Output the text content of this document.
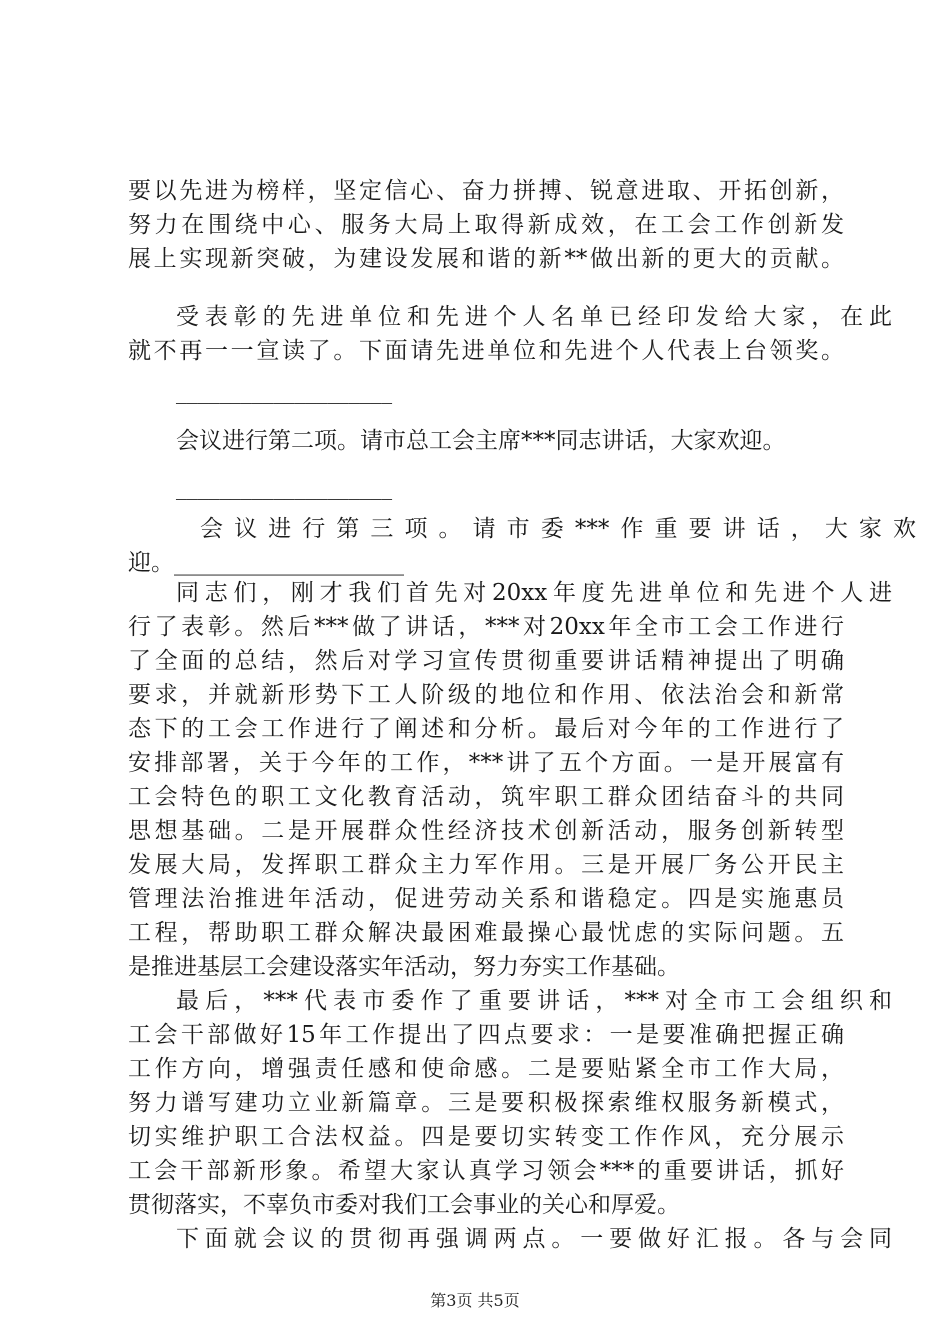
要以先进为榜样，坚定信心、奋力拼搏、锐意进取、开拓创新，
努力在围绕中心、服务大局上取得新成效，在工会工作创新发
展上实现新突破，为建设发展和谐的新**做出新的更大的贡献。
受表彰的先进单位和先进个人名单已经印发给大家，在此
就不再一一宣读了。下面请先进单位和先进个人代表上台领奖。
____________________
会议进行第二项。请市总工会主席***同志讲话，大家欢迎。
____________________
会议进行第三项。请市委***作重要讲话，大家欢
迎。____________________
同志们，刚才我们首先对20xx年度先进单位和先进个人进
行了表彰。然后***做了讲话，***对20xx年全市工会工作进行
了全面的总结，然后对学习宣传贯彻重要讲话精神提出了明确
要求，并就新形势下工人阶级的地位和作用、依法治会和新常
态下的工会工作进行了阐述和分析。最后对今年的工作进行了
安排部署，关于今年的工作，***讲了五个方面。一是开展富有
工会特色的职工文化教育活动，筑牢职工群众团结奋斗的共同
思想基础。二是开展群众性经济技术创新活动，服务创新转型
发展大局，发挥职工群众主力军作用。三是开展厂务公开民主
管理法治推进年活动，促进劳动关系和谐稳定。四是实施惠员
工程，帮助职工群众解决最困难最操心最忧虑的实际问题。五
是推进基层工会建设落实年活动，努力夯实工作基础。
最后，***代表市委作了重要讲话，***对全市工会组织和
工会干部做好15年工作提出了四点要求：一是要准确把握正确
工作方向，增强责任感和使命感。二是要贴紧全市工作大局，
努力谱写建功立业新篇章。三是要积极探索维权服务新模式，
切实维护职工合法权益。四是要切实转变工作作风，充分展示
工会干部新形象。希望大家认真学习领会***的重要讲话，抓好
第3页 共5页
贯彻落实，不辜负市委对我们工会事业的关心和厚爱。
下面就会议的贯彻再强调两点。一要做好汇报。各与会同
